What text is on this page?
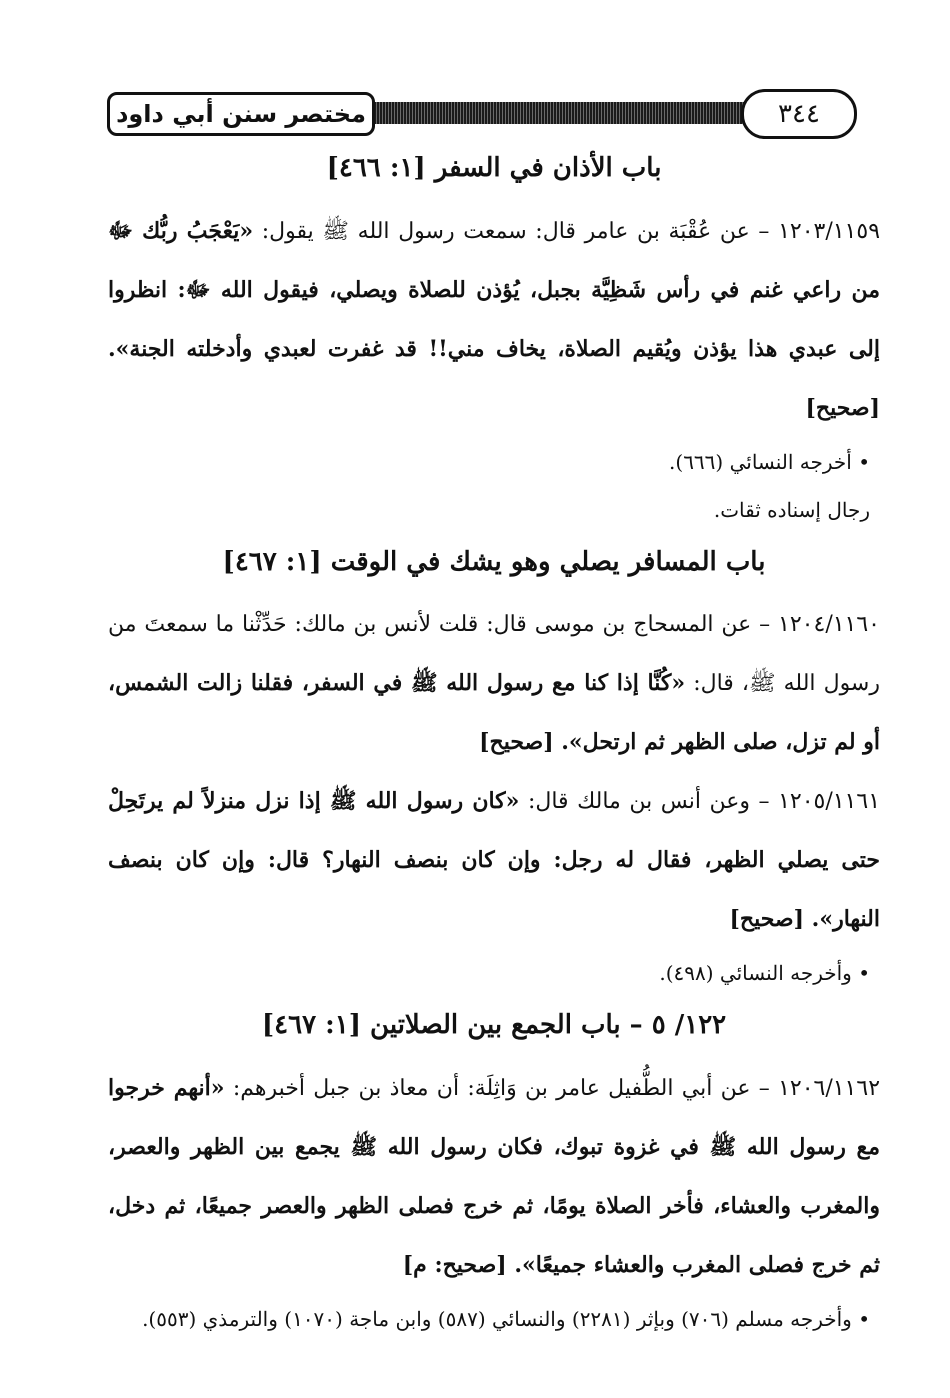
مختصر سنن أبي داود	٣٤٤
باب الأذان في السفر [١: ٤٦٦]

١٢٠٣/١١٥٩ – عن عُقْبَة بن عامر قال: سمعت رسول الله ﷺ يقول: «يَعْجَبُ ربُّك ﷻ من راعي غنم في رأس شَظِيَّة بجبل، يُؤذن للصلاة ويصلي، فيقول الله ﷻ: انظروا إلى عبدي هذا يؤذن ويُقيم الصلاة، يخاف مني!! قد غفرت لعبدي وأدخلته الجنة». [صحيح]

• أخرجه النسائي (٦٦٦).

رجال إسناده ثقات.

باب المسافر يصلي وهو يشك في الوقت [١: ٤٦٧]

١٢٠٤/١١٦٠ – عن المسحاج بن موسى قال: قلت لأنس بن مالك: حَدِّثْنا ما سمعتَ من رسول الله ﷺ، قال: «كُنَّا إذا كنا مع رسول الله ﷺ في السفر، فقلنا زالت الشمس، أو لم تزل، صلى الظهر ثم ارتحل». [صحيح]

١٢٠٥/١١٦١ – وعن أنس بن مالك قال: «كان رسول الله ﷺ إذا نزل منزلاً لم يرتَحِلْ حتى يصلي الظهر، فقال له رجل: وإن كان بنصف النهار؟ قال: وإن كان بنصف النهار». [صحيح]

• وأخرجه النسائي (٤٩٨).

١٢٢/ ٥ – باب الجمع بين الصلاتين [١: ٤٦٧]

١٢٠٦/١١٦٢ – عن أبي الطُّفيل عامر بن وَاثِلَة: أن معاذ بن جبل أخبرهم: «أنهم خرجوا مع رسول الله ﷺ في غزوة تبوك، فكان رسول الله ﷺ يجمع بين الظهر والعصر، والمغرب والعشاء، فأخر الصلاة يومًا، ثم خرج فصلى الظهر والعصر جميعًا، ثم دخل، ثم خرج فصلى المغرب والعشاء جميعًا». [صحيح: م]

• وأخرجه مسلم (٧٠٦) وبإثر (٢٢٨١) والنسائي (٥٨٧) وابن ماجة (١٠٧٠) والترمذي (٥٥٣).
